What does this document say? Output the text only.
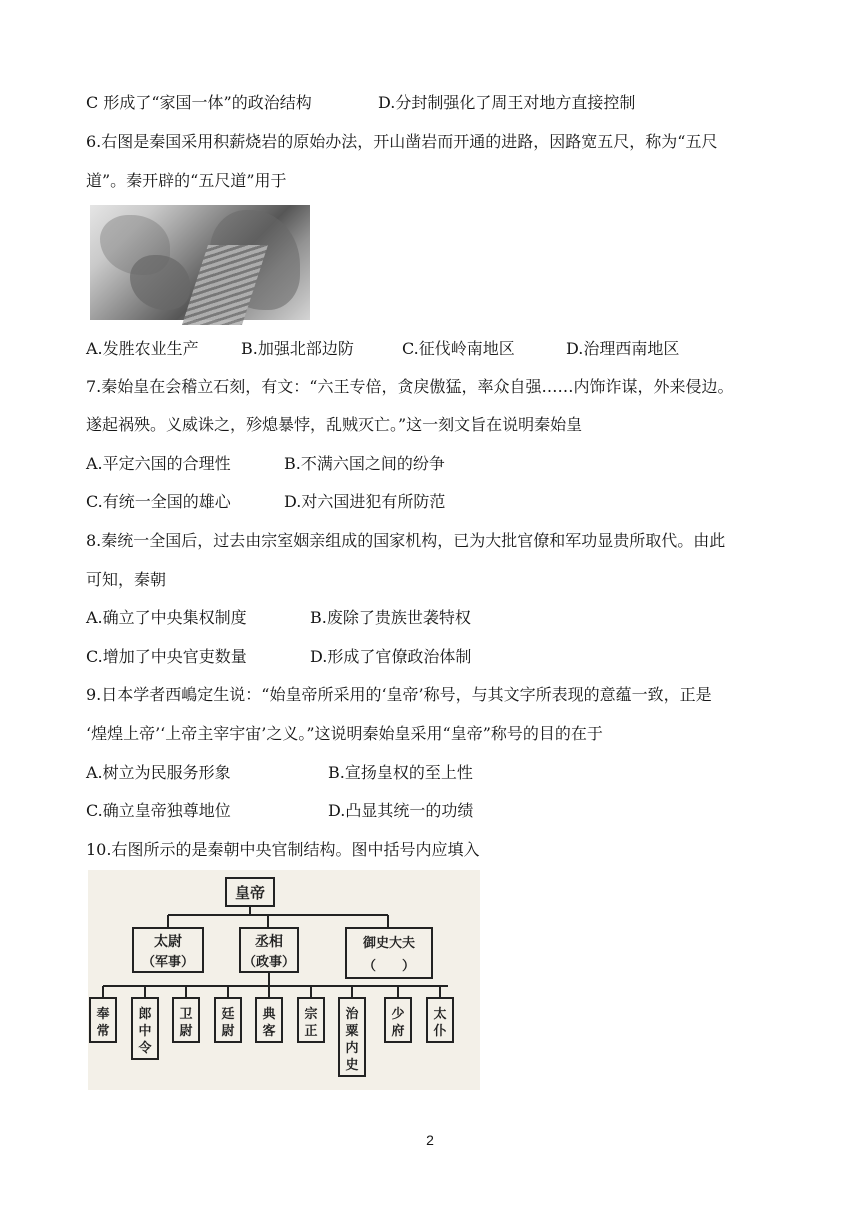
C 形成了“家国一体”的政治结构	D.分封制强化了周王对地方直接控制
6.右图是秦国采用积薪烧岩的原始办法，开山凿岩而开通的进路，因路宽五尺，称为“五尺
道”。秦开辟的“五尺道”用于
A.发胜农业生产	B.加强北部边防	C.征伐岭南地区	D.治理西南地区
7.秦始皇在会稽立石刻，有文：“六王专倍，贪戾傲猛，率众自强……内饰诈谋，外来侵边。
遂起祸殃。义威诛之，殄熄暴悖，乱贼灭亡。”这一刻文旨在说明秦始皇
A.平定六国的合理性	B.不满六国之间的纷争
C.有统一全国的雄心	D.对六国进犯有所防范
8.秦统一全国后，过去由宗室姻亲组成的国家机构，已为大批官僚和军功显贵所取代。由此
可知，秦朝
A.确立了中央集权制度	B.废除了贵族世袭特权
C.增加了中央官吏数量	D.形成了官僚政治体制
9.日本学者西嶋定生说：“始皇帝所采用的‘皇帝’称号，与其文字所表现的意蕴一致，正是
‘煌煌上帝’‘上帝主宰宇宙’之义。”这说明秦始皇采用“皇帝”称号的目的在于
A.树立为民服务形象	B.宣扬皇权的至上性
C.确立皇帝独尊地位	D.凸显其统一的功绩
10.右图所示的是秦朝中央官制结构。图中括号内应填入
皇帝
太尉
（军事）
丞相
（政事）
御史大夫
（　　）
奉
常
郎
中
令
卫
尉
廷
尉
典
客
宗
正
治
粟
内
史
少
府
太
仆
2
